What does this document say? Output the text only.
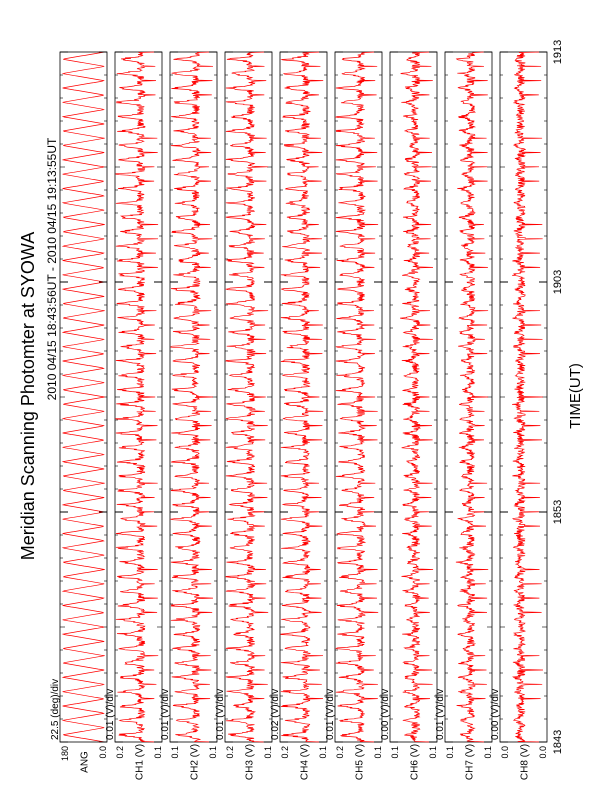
Meridian Scanning Photomter at SYOWA 2010 04/15 18:43:56UT - 2010 04/15 19:13:55UT	TIME(UT)
22.5 (deg)/div
ANG
180	0.0
0.01 (V)/div
CH1 (V)
0.2	0.1
0.01 (V)/div
CH2 (V)
0.1	0.1
0.01 (V)/div
CH3 (V)
0.2	0.1
0.02 (V)/div
CH4 (V)
0.2	0.1
0.01 (V)/div
CH5 (V)
0.2	0.1
0.00 (V)/div
CH6 (V)
0.1	0.1
0.01 (V)/div
CH7 (V)
0.1	0.1
0.00 (V)/div
CH8 (V)
0.0	0.0 1843
1853
1903
1913
